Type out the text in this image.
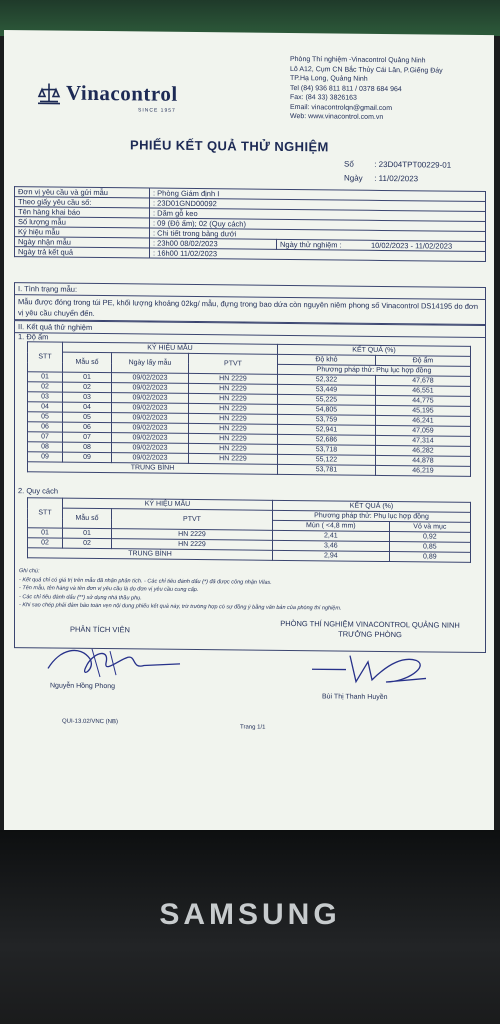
Vinacontrol
SINCE 1957
Phòng Thí nghiệm -Vinacontrol Quảng Ninh
Lô A12, Cụm CN Bắc Thủy Cái Lân, P.Giếng Đáy
TP.Hạ Long, Quảng Ninh
Tel (84) 936 811 811 / 0378 684 964
Fax: (84 33) 3826163
Email: vinacontrolqn@gmail.com
Web: www.vinacontrol.com.vn
PHIẾU KẾT QUẢ THỬ NGHIỆM
Số : 23D04TPT00229-01
Ngày : 11/02/2023
Đơn vị yêu cầu và gửi mẫu	: Phòng Giám định I		
Theo giấy yêu cầu số:	: 23D01GND00092		
Tên hàng khai báo	: Dăm gỗ keo		
Số lượng mẫu	: 09 (Độ ẩm); 02 (Quy cách)		
Ký hiệu mẫu	: Chi tiết trong bảng dưới		
Ngày nhận mẫu	: 23h00 08/02/2023	Ngày thử nghiệm :	10/02/2023 - 11/02/2023
Ngày trả kết quả	: 16h00 11/02/2023		
I. Tình trạng mẫu:
Mẫu được đóng trong túi PE, khối lượng khoảng 02kg/ mẫu, đựng trong bao dứa còn nguyên niêm phong số Vinacontrol DS14195 do đơn vị yêu cầu chuyển đến.
II. Kết quả thử nghiệm
1. Độ ẩm
STT	KÝ HIỆU MẪU			KẾT QUẢ (%)	
	Mẫu số	Ngày lấy mẫu	PTVT	Độ khô	Độ ẩm
				Phương pháp thử: Phụ lục hợp đồng	
01	01	09/02/2023	HN 2229	52,322	47,678
02	02	09/02/2023	HN 2229	53,449	46,551
03	03	09/02/2023	HN 2229	55,225	44,775
04	04	09/02/2023	HN 2229	54,805	45,195
05	05	09/02/2023	HN 2229	53,759	46,241
06	06	09/02/2023	HN 2229	52,941	47,059
07	07	09/02/2023	HN 2229	52,686	47,314
08	08	09/02/2023	HN 2229	53,718	46,282
09	09	09/02/2023	HN 2229	55,122	44,878
TRUNG BÌNH				53,781	46,219
2. Quy cách
STT	KÝ HIỆU MẪU		KẾT QUẢ (%)	
	Mẫu số	PTVT	Phương pháp thử: Phụ lục hợp đồng	
			Mùn ( <4,8 mm)	Vỏ và mục
01	01	HN 2229	2,41	0,92
02	02	HN 2229	3,46	0,85
TRUNG BÌNH			2,94	0,89
Ghi chú:
- Kết quả chỉ có giá trị trên mẫu đã nhận phân tích. - Các chỉ tiêu đánh dấu (*) đã được công nhận Vilas.
- Tên mẫu, tên hàng và tên đơn vị yêu cầu là do đơn vị yêu cầu cung cấp.
- Các chỉ tiêu đánh dấu (**) sử dụng nhà thầu phụ.
- Khi sao chép phải đảm bảo toàn vẹn nội dung phiếu kết quả này, trừ trường hợp có sự đồng ý bằng văn bản của phòng thí nghiệm.
PHÂN TÍCH VIÊN
Nguyễn Hồng Phong
PHÒNG THÍ NGHIỆM VINACONTROL QUẢNG NINH
TRƯỞNG PHÒNG
Bùi Thị Thanh Huyền
QUI-13.02/VNC (NB)
Trang 1/1
SAMSUNG
